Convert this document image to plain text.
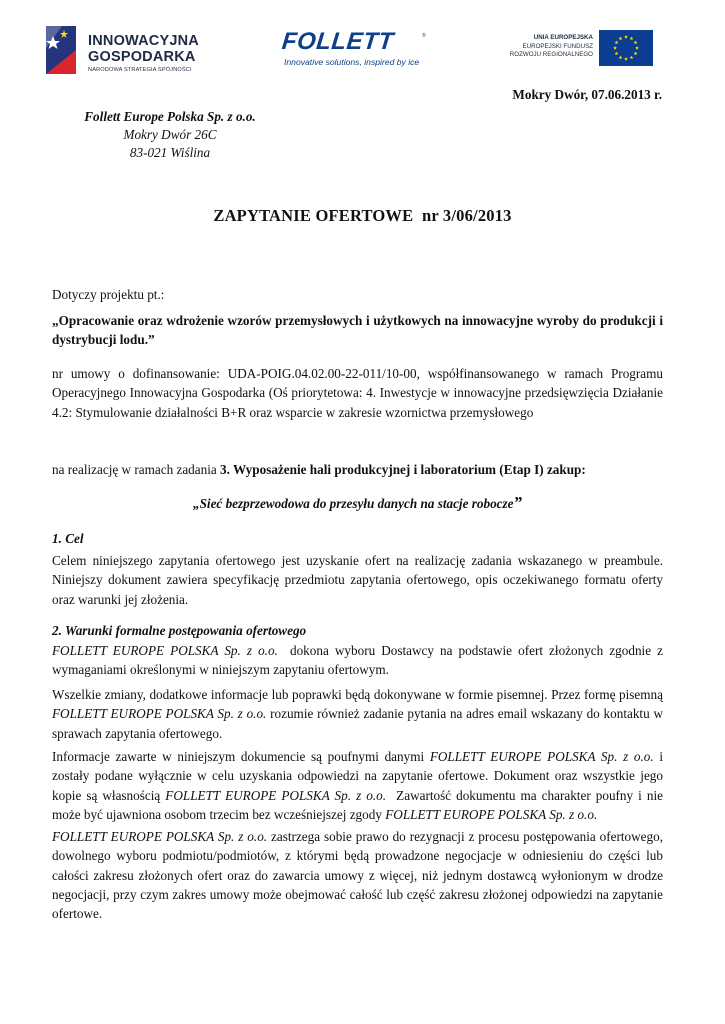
INNOWACYJNA
GOSPODARKA
NARODOWA STRATEGIA SPÓJNOŚCI
FOLLETT	®
Innovative solutions, inspired by ice
UNIA EUROPEJSKA
EUROPEJSKI FUNDUSZ
ROZWOJU REGIONALNEGO
Mokry Dwór, 07.06.2013 r.
Follett Europe Polska Sp. z o.o.
Mokry Dwór 26C
83-021 Wiślina
ZAPYTANIE OFERTOWE  nr 3/06/2013
Dotyczy projektu pt.:
„Opracowanie oraz wdrożenie wzorów przemysłowych i użytkowych na innowacyjne wyroby do produkcji i dystrybucji lodu.”
nr umowy o dofinansowanie: UDA-POIG.04.02.00-22-011/10-00, współfinansowanego w ramach Programu Operacyjnego Innowacyjna Gospodarka (Oś priorytetowa: 4. Inwestycje w innowacyjne przedsięwzięcia Działanie 4.2: Stymulowanie działalności B+R oraz wsparcie w zakresie wzornictwa przemysłowego
na realizację w ramach zadania 3. Wyposażenie hali produkcyjnej i laboratorium (Etap I) zakup:
„Sieć bezprzewodowa do przesyłu danych na stacje robocze”
1. Cel
Celem niniejszego zapytania ofertowego jest uzyskanie ofert na realizację zadania wskazanego w preambule. Niniejszy dokument zawiera specyfikację przedmiotu zapytania ofertowego, opis oczekiwanego formatu oferty oraz warunki jej złożenia.
2. Warunki formalne postępowania ofertowego
FOLLETT EUROPE POLSKA Sp. z o.o.  dokona wyboru Dostawcy na podstawie ofert złożonych zgodnie z wymaganiami określonymi w niniejszym zapytaniu ofertowym.
Wszelkie zmiany, dodatkowe informacje lub poprawki będą dokonywane w formie pisemnej. Przez formę pisemną FOLLETT EUROPE POLSKA Sp. z o.o. rozumie również zadanie pytania na adres email wskazany do kontaktu w sprawach zapytania ofertowego.
Informacje zawarte w niniejszym dokumencie są poufnymi danymi FOLLETT EUROPE POLSKA Sp. z o.o. i zostały podane wyłącznie w celu uzyskania odpowiedzi na zapytanie ofertowe. Dokument oraz wszystkie jego kopie są własnością FOLLETT EUROPE POLSKA Sp. z o.o.  Zawartość dokumentu ma charakter poufny i nie może być ujawniona osobom trzecim bez wcześniejszej zgody FOLLETT EUROPE POLSKA Sp. z o.o.
FOLLETT EUROPE POLSKA Sp. z o.o. zastrzega sobie prawo do rezygnacji z procesu postępowania ofertowego, dowolnego wyboru podmiotu/podmiotów, z którymi będą prowadzone negocjacje w odniesieniu do części lub całości zakresu złożonych ofert oraz do zawarcia umowy z więcej, niż jednym dostawcą wyłonionym w drodze negocjacji, przy czym zakres umowy może obejmować całość lub część zakresu złożonej odpowiedzi na zapytanie ofertowe.
